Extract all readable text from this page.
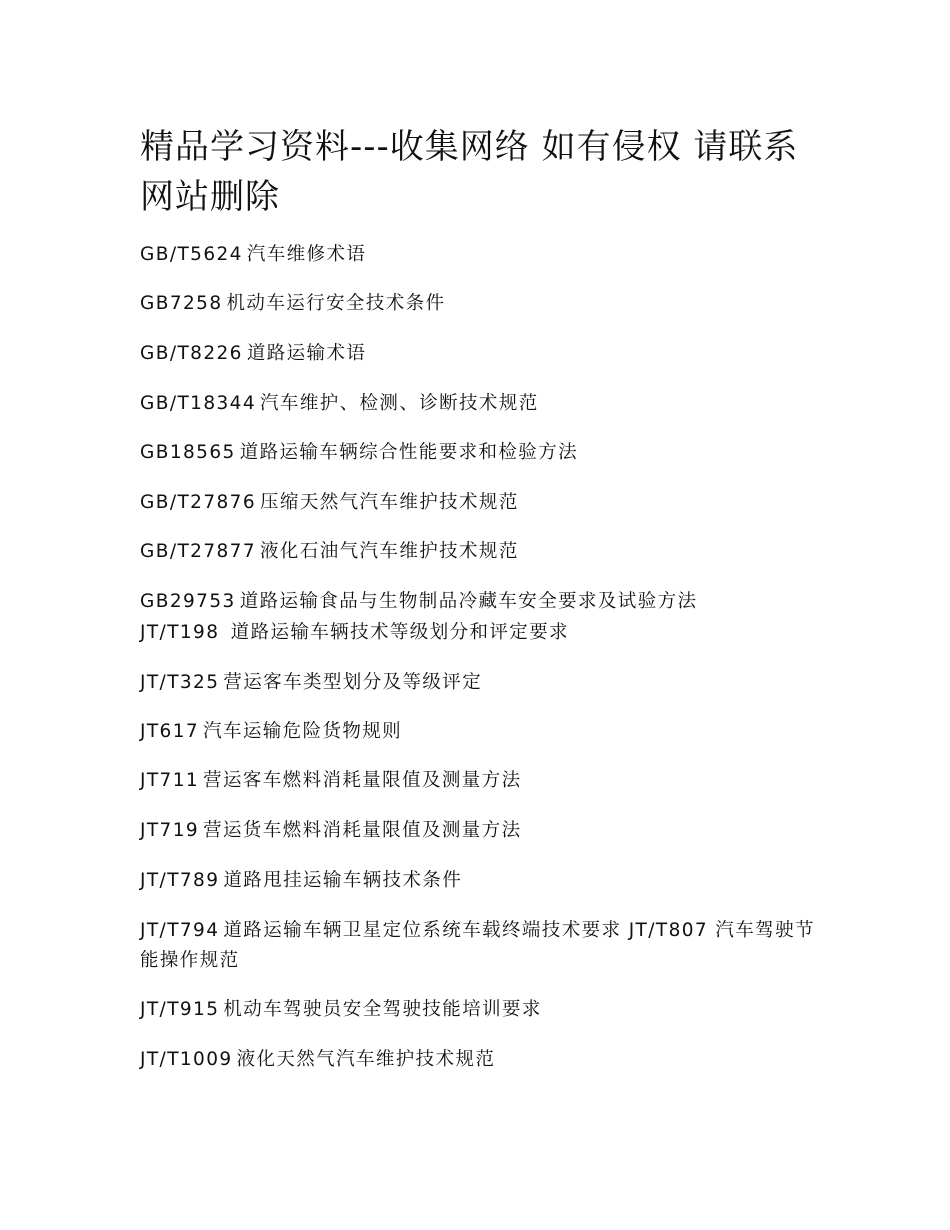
精品学习资料---收集网络 如有侵权 请联系网站删除
GB/T5624 汽车维修术语
GB7258 机动车运行安全技术条件
GB/T8226 道路运输术语
GB/T18344 汽车维护、检测、诊断技术规范
GB18565 道路运输车辆综合性能要求和检验方法
GB/T27876 压缩天然气汽车维护技术规范
GB/T27877 液化石油气汽车维护技术规范
GB29753 道路运输食品与生物制品冷藏车安全要求及试验方法
JT/T198 道路运输车辆技术等级划分和评定要求
JT/T325 营运客车类型划分及等级评定
JT617 汽车运输危险货物规则
JT711 营运客车燃料消耗量限值及测量方法
JT719 营运货车燃料消耗量限值及测量方法
JT/T789 道路甩挂运输车辆技术条件
JT/T794 道路运输车辆卫星定位系统车载终端技术要求 JT/T807 汽车驾驶节能操作规范
JT/T915 机动车驾驶员安全驾驶技能培训要求
JT/T1009 液化天然气汽车维护技术规范
